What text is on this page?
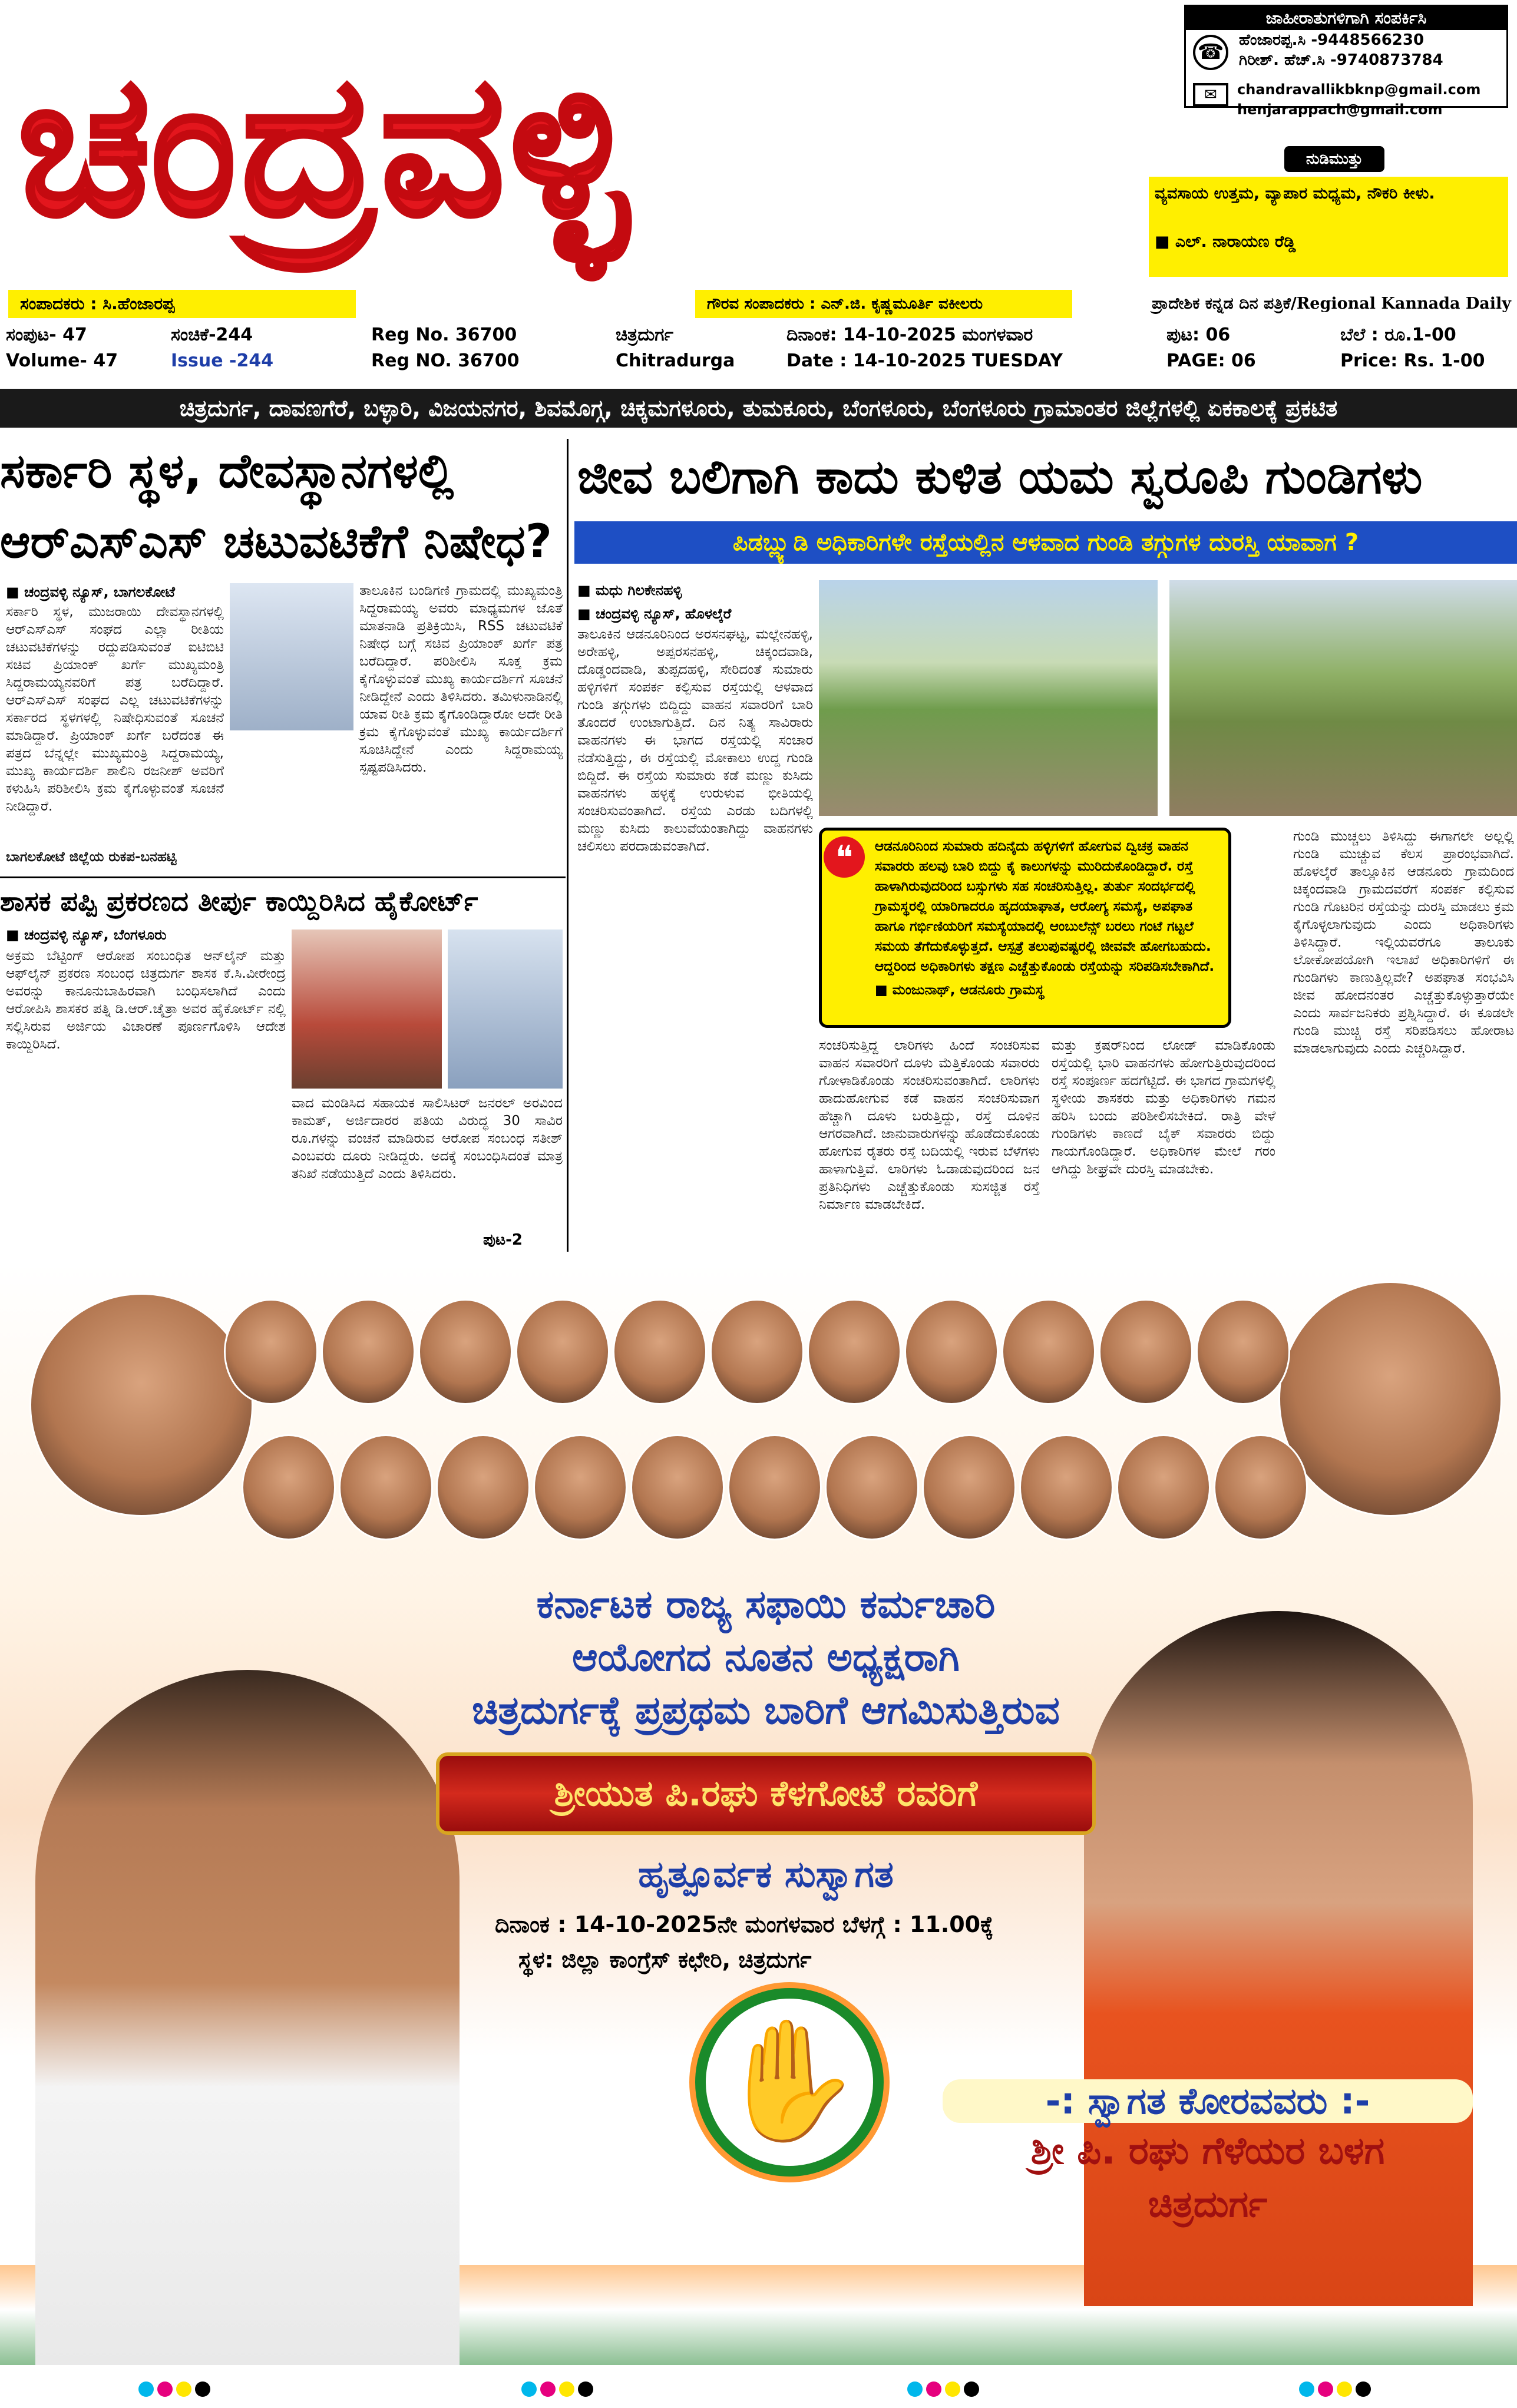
ಚಂದ್ರವಳ್ಳಿ
ಜಾಹೀರಾತುಗಳಿಗಾಗಿ ಸಂಪರ್ಕಿಸಿ
☎ ಹೆಂಜಾರಪ್ಪ.ಸಿ -9448566230
ಗಿರೀಶ್. ಹೆಚ್.ಸಿ -9740873784
✉	chandravallikbknp@gmail.com
henjarappach@gmail.com
ನುಡಿಮುತ್ತು
ವ್ಯವಸಾಯ ಉತ್ತಮ, ವ್ಯಾಪಾರ ಮಧ್ಯಮ, ನೌಕರಿ ಕೀಳು.
■ ಎಲ್. ನಾರಾಯಣ ರೆಡ್ಡಿ
ಸಂಪಾದಕರು : ಸಿ.ಹೆಂಜಾರಪ್ಪ	ಗೌರವ ಸಂಪಾದಕರು : ಎನ್.ಜಿ. ಕೃಷ್ಣಮೂರ್ತಿ ವಕೀಲರು	ಪ್ರಾದೇಶಿಕ ಕನ್ನಡ ದಿನ ಪತ್ರಿಕೆ/Regional Kannada Daily
ಸಂಪುಟ- 47
Volume- 47
ಸಂಚಿಕೆ-244
Issue -244
Reg No. 36700
Reg NO. 36700
ಚಿತ್ರದುರ್ಗ
Chitradurga
ದಿನಾಂಕ: 14-10-2025 ಮಂಗಳವಾರ
Date : 14-10-2025 TUESDAY
ಪುಟ: 06
PAGE: 06
ಬೆಲೆ : ರೂ.1-00
Price: Rs. 1-00
ಚಿತ್ರದುರ್ಗ, ದಾವಣಗೆರೆ, ಬಳ್ಳಾರಿ, ವಿಜಯನಗರ, ಶಿವಮೊಗ್ಗ, ಚಿಕ್ಕಮಗಳೂರು, ತುಮಕೂರು, ಬೆಂಗಳೂರು, ಬೆಂಗಳೂರು ಗ್ರಾಮಾಂತರ ಜಿಲ್ಲೆಗಳಲ್ಲಿ ಏಕಕಾಲಕ್ಕೆ ಪ್ರಕಟಿತ
ಸರ್ಕಾರಿ ಸ್ಥಳ, ದೇವಸ್ಥಾನಗಳಲ್ಲಿ
ಆರ್‌ಎಸ್‌ಎಸ್ ಚಟುವಟಿಕೆಗೆ ನಿಷೇಧ?
■ ಚಂದ್ರವಳ್ಳಿ ನ್ಯೂಸ್, ಬಾಗಲಕೋಟೆ
ಸರ್ಕಾರಿ ಸ್ಥಳ, ಮುಜರಾಯಿ ದೇವಸ್ಥಾನಗಳಲ್ಲಿ ಆರ್‌ಎಸ್‌ಎಸ್ ಸಂಘದ ಎಲ್ಲಾ ರೀತಿಯ ಚಟುವಟಿಕೆಗಳನ್ನು ರದ್ದುಪಡಿಸುವಂತೆ ಐಟಿಬಿಟಿ ಸಚಿವ ಪ್ರಿಯಾಂಕ್ ಖರ್ಗೆ ಮುಖ್ಯಮಂತ್ರಿ ಸಿದ್ದರಾಮಯ್ಯನವರಿಗೆ ಪತ್ರ ಬರೆದಿದ್ದಾರೆ. ಆರ್‌ಎಸ್‌ಎಸ್ ಸಂಘದ ಎಲ್ಲ ಚಟುವಟಿಕೆಗಳನ್ನು ಸರ್ಕಾರದ ಸ್ಥಳಗಳಲ್ಲಿ ನಿಷೇಧಿಸುವಂತೆ ಸೂಚನೆ ಮಾಡಿದ್ದಾರೆ. ಪ್ರಿಯಾಂಕ್ ಖರ್ಗೆ ಬರೆದಂತ ಈ ಪತ್ರದ ಬೆನ್ನಲ್ಲೇ ಮುಖ್ಯಮಂತ್ರಿ ಸಿದ್ದರಾಮಯ್ಯ, ಮುಖ್ಯ ಕಾರ್ಯದರ್ಶಿ ಶಾಲಿನಿ ರಜನೀಶ್ ಅವರಿಗೆ ಕಳುಹಿಸಿ ಪರಿಶೀಲಿಸಿ ಕ್ರಮ ಕೈಗೊಳ್ಳುವಂತೆ ಸೂಚನೆ ನೀಡಿದ್ದಾರೆ.
ತಾಲೂಕಿನ ಬಂಡಿಗಣಿ ಗ್ರಾಮದಲ್ಲಿ ಮುಖ್ಯಮಂತ್ರಿ ಸಿದ್ದರಾಮಯ್ಯ ಅವರು ಮಾಧ್ಯಮಗಳ ಜೊತೆ ಮಾತನಾಡಿ ಪ್ರತಿಕ್ರಿಯಿಸಿ, RSS ಚಟುವಟಿಕೆ ನಿಷೇಧ ಬಗ್ಗೆ ಸಚಿವ ಪ್ರಿಯಾಂಕ್ ಖರ್ಗೆ ಪತ್ರ ಬರೆದಿದ್ದಾರೆ. ಪರಿಶೀಲಿಸಿ ಸೂಕ್ತ ಕ್ರಮ ಕೈಗೊಳ್ಳುವಂತೆ ಮುಖ್ಯ ಕಾರ್ಯದರ್ಶಿಗೆ ಸೂಚನೆ ನೀಡಿದ್ದೇನೆ ಎಂದು ತಿಳಿಸಿದರು. ತಮಿಳುನಾಡಿನಲ್ಲಿ ಯಾವ ರೀತಿ ಕ್ರಮ ಕೈಗೊಂಡಿದ್ದಾರೋ ಅದೇ ರೀತಿ ಕ್ರಮ ಕೈಗೊಳ್ಳುವಂತೆ ಮುಖ್ಯ ಕಾರ್ಯದರ್ಶಿಗೆ ಸೂಚಿಸಿದ್ದೇನೆ ಎಂದು ಸಿದ್ದರಾಮಯ್ಯ ಸ್ಪಷ್ಟಪಡಿಸಿದರು.
ಬಾಗಲಕೋಟೆ ಜಿಲ್ಲೆಯ ರುಕಪ-ಬನಹಟ್ಟಿ
ಶಾಸಕ ಪಪ್ಪಿ ಪ್ರಕರಣದ ತೀರ್ಪು ಕಾಯ್ದಿರಿಸಿದ ಹೈಕೋರ್ಟ್
■ ಚಂದ್ರವಳ್ಳಿ ನ್ಯೂಸ್, ಬೆಂಗಳೂರು
ಅಕ್ರಮ ಬೆಟ್ಟಿಂಗ್ ಆರೋಪ ಸಂಬಂಧಿತ ಆನ್‌ಲೈನ್ ಮತ್ತು ಆಫ್‌ಲೈನ್ ಪ್ರಕರಣ ಸಂಬಂಧ ಚಿತ್ರದುರ್ಗ ಶಾಸಕ ಕೆ.ಸಿ.ವೀರೇಂದ್ರ ಅವರನ್ನು ಕಾನೂನುಬಾಹಿರವಾಗಿ ಬಂಧಿಸಲಾಗಿದೆ ಎಂದು ಆರೋಪಿಸಿ ಶಾಸಕರ ಪತ್ನಿ ಡಿ.ಆರ್.ಚೈತ್ರಾ ಅವರ ಹೈಕೋರ್ಟ್ ನಲ್ಲಿ ಸಲ್ಲಿಸಿರುವ ಅರ್ಜಿಯ ವಿಚಾರಣೆ ಪೂರ್ಣಗೊಳಿಸಿ ಆದೇಶ ಕಾಯ್ದಿರಿಸಿದೆ.
ವಾದ ಮಂಡಿಸಿದ ಸಹಾಯಕ ಸಾಲಿಸಿಟರ್ ಜನರಲ್ ಅರವಿಂದ ಕಾಮತ್, ಅರ್ಜಿದಾರರ ಪತಿಯ ವಿರುದ್ಧ 30 ಸಾವಿರ ರೂ.ಗಳನ್ನು ವಂಚನೆ ಮಾಡಿರುವ ಆರೋಪ ಸಂಬಂಧ ಸತೀಶ್ ಎಂಬವರು ದೂರು ನೀಡಿದ್ದರು. ಅದಕ್ಕೆ ಸಂಬಂಧಿಸಿದಂತೆ ಮಾತ್ರ ತನಿಖೆ ನಡೆಯುತ್ತಿದೆ ಎಂದು ತಿಳಿಸಿದರು.
ಪುಟ-2
ಜೀವ ಬಲಿಗಾಗಿ ಕಾದು ಕುಳಿತ ಯಮ ಸ್ವರೂಪಿ ಗುಂಡಿಗಳು
ಪಿಡಬ್ಲ್ಯುಡಿ ಅಧಿಕಾರಿಗಳೇ ರಸ್ತೆಯಲ್ಲಿನ ಆಳವಾದ ಗುಂಡಿ ತಗ್ಗುಗಳ ದುರಸ್ತಿ ಯಾವಾಗ ?
■ ಮಧು ಗಿಲಕೇನಹಳ್ಳಿ
■ ಚಂದ್ರವಳ್ಳಿ ನ್ಯೂಸ್, ಹೊಳಲ್ಕೆರೆ
ತಾಲೂಕಿನ ಆಡನೂರಿನಿಂದ ಅರಸನಘಟ್ಟ, ಮಲ್ಲೇನಹಳ್ಳಿ, ಅರೇಹಳ್ಳಿ, ಅಪ್ಪರಸನಹಳ್ಳಿ, ಚಿಕ್ಕಂದವಾಡಿ, ದೊಡ್ಡಂದವಾಡಿ, ತುಪ್ಪದಹಳ್ಳಿ, ಸೇರಿದಂತೆ ಸುಮಾರು ಹಳ್ಳಿಗಳಿಗೆ ಸಂಪರ್ಕ ಕಲ್ಪಿಸುವ ರಸ್ತೆಯಲ್ಲಿ ಆಳವಾದ ಗುಂಡಿ ತಗ್ಗುಗಳು ಬಿದ್ದಿದ್ದು ವಾಹನ ಸವಾರರಿಗೆ ಬಾರಿ ತೊಂದರೆ ಉಂಟಾಗುತ್ತಿದೆ. ದಿನ ನಿತ್ಯ ಸಾವಿರಾರು ವಾಹನಗಳು ಈ ಭಾಗದ ರಸ್ತೆಯಲ್ಲಿ ಸಂಚಾರ ನಡೆಸುತ್ತಿದ್ದು, ಈ ರಸ್ತೆಯಲ್ಲಿ ಮೋಕಾಲು ಉದ್ದ ಗುಂಡಿ ಬಿದ್ದಿದೆ. ಈ ರಸ್ತೆಯ ಸುಮಾರು ಕಡೆ ಮಣ್ಣು ಕುಸಿದು ವಾಹನಗಳು ಹಳ್ಳಕ್ಕೆ ಉರುಳುವ ಭೀತಿಯಲ್ಲಿ ಸಂಚರಿಸುವಂತಾಗಿದೆ. ರಸ್ತೆಯ ಎರಡು ಬದಿಗಳಲ್ಲಿ ಮಣ್ಣು ಕುಸಿದು ಕಾಲುವೆಯಂತಾಗಿದ್ದು ವಾಹನಗಳು ಚಲಿಸಲು ಪರದಾಡುವಂತಾಗಿದೆ.	ಆಡನೂರಿನಿಂದ ಸುಮಾರು ಹದಿನೈದು ಹಳ್ಳಿಗಳಿಗೆ ಹೋಗುವ ದ್ವಿಚಕ್ರ ವಾಹನ ಸವಾರರು ಹಲವು ಬಾರಿ ಬಿದ್ದು ಕೈ ಕಾಲುಗಳನ್ನು ಮುರಿದುಕೊಂಡಿದ್ದಾರೆ. ರಸ್ತೆ ಹಾಳಾಗಿರುವುದರಿಂದ ಬಸ್ಸುಗಳು ಸಹ ಸಂಚರಿಸುತ್ತಿಲ್ಲ. ತುರ್ತು ಸಂದರ್ಭದಲ್ಲಿ ಗ್ರಾಮಸ್ಥರಲ್ಲಿ ಯಾರಿಗಾದರೂ ಹೃದಯಾಘಾತ, ಆರೋಗ್ಯ ಸಮಸ್ಯೆ, ಅಪಘಾತ ಹಾಗೂ ಗರ್ಭಿಣಿಯರಿಗೆ ಸಮಸ್ಯೆಯಾದಲ್ಲಿ ಆಂಬುಲೆನ್ಸ್ ಬರಲು ಗಂಟೆ ಗಟ್ಟಲೆ ಸಮಯ ತೆಗೆದುಕೊಳ್ಳುತ್ತದೆ. ಆಸ್ಪತ್ರೆ ತಲುಪುವಷ್ಟರಲ್ಲಿ ಜೀವವೇ ಹೋಗಬಹುದು. ಆದ್ದರಿಂದ ಅಧಿಕಾರಿಗಳು ತಕ್ಷಣ ಎಚ್ಚೆತ್ತುಕೊಂಡು ರಸ್ತೆಯನ್ನು ಸರಿಪಡಿಸಬೇಕಾಗಿದೆ.
■ ಮಂಜುನಾಥ್, ಆಡನೂರು ಗ್ರಾಮಸ್ಥ
❝
ಸಂಚರಿಸುತ್ತಿದ್ದ ಲಾರಿಗಳು ಹಿಂದೆ ಸಂಚರಿಸುವ ವಾಹನ ಸವಾರರಿಗೆ ದೂಳು ಮೆತ್ತಿಕೊಂಡು ಸವಾರರು ಗೋಳಾಡಿಕೊಂಡು ಸಂಚರಿಸುವಂತಾಗಿದೆ. ಲಾರಿಗಳು ಹಾದುಹೋಗುವ ಕಡೆ ವಾಹನ ಸಂಚರಿಸುವಾಗ ಹೆಚ್ಚಾಗಿ ದೂಳು ಬರುತ್ತಿದ್ದು, ರಸ್ತೆ ದೂಳಿನ ಆಗರವಾಗಿದೆ. ಜಾನುವಾರುಗಳನ್ನು ಹೊಡೆದುಕೊಂಡು ಹೋಗುವ ರೈತರು ರಸ್ತೆ ಬದಿಯಲ್ಲಿ ಇರುವ ಬೆಳೆಗಳು ಹಾಳಾಗುತ್ತಿವೆ. ಲಾರಿಗಳು ಓಡಾಡುವುದರಿಂದ ಜನ ಪ್ರತಿನಿಧಿಗಳು ಎಚ್ಚೆತ್ತುಕೊಂಡು ಸುಸಜ್ಜಿತ ರಸ್ತೆ ನಿರ್ಮಾಣ ಮಾಡಬೇಕಿದೆ.
ಮತ್ತು ಕ್ರಷರ್‌ನಿಂದ ಲೋಡ್ ಮಾಡಿಕೊಂಡು ರಸ್ತೆಯಲ್ಲಿ ಭಾರಿ ವಾಹನಗಳು ಹೋಗುತ್ತಿರುವುದರಿಂದ ರಸ್ತೆ ಸಂಪೂರ್ಣ ಹದಗೆಟ್ಟಿದೆ. ಈ ಭಾಗದ ಗ್ರಾಮಗಳಲ್ಲಿ ಸ್ಥಳೀಯ ಶಾಸಕರು ಮತ್ತು ಅಧಿಕಾರಿಗಳು ಗಮನ ಹರಿಸಿ ಬಂದು ಪರಿಶೀಲಿಸಬೇಕಿದೆ. ರಾತ್ರಿ ವೇಳೆ ಗುಂಡಿಗಳು ಕಾಣದೆ ಬೈಕ್ ಸವಾರರು ಬಿದ್ದು ಗಾಯಗೊಂಡಿದ್ದಾರೆ. ಅಧಿಕಾರಿಗಳ ಮೇಲೆ ಗರಂ ಆಗಿದ್ದು ಶೀಘ್ರವೇ ದುರಸ್ತಿ ಮಾಡಬೇಕು.
ಗುಂಡಿ ಮುಚ್ಚಲು ತಿಳಿಸಿದ್ದು ಈಗಾಗಲೇ ಅಲ್ಲಲ್ಲಿ ಗುಂಡಿ ಮುಚ್ಚುವ ಕೆಲಸ ಪ್ರಾರಂಭವಾಗಿದೆ. ಹೊಳಲ್ಕೆರೆ ತಾಲ್ಲೂಕಿನ ಆಡನೂರು ಗ್ರಾಮದಿಂದ ಚಿಕ್ಕಂದವಾಡಿ ಗ್ರಾಮದವರೆಗೆ ಸಂಪರ್ಕ ಕಲ್ಪಿಸುವ ಗುಂಡಿ ಗೊಟರಿನ ರಸ್ತೆಯನ್ನು ದುರಸ್ತಿ ಮಾಡಲು ಕ್ರಮ ಕೈಗೊಳ್ಳಲಾಗುವುದು ಎಂದು ಅಧಿಕಾರಿಗಳು ತಿಳಿಸಿದ್ದಾರೆ. ಇಲ್ಲಿಯವರೆಗೂ ತಾಲೂಕು ಲೋಕೋಪಯೋಗಿ ಇಲಾಖೆ ಅಧಿಕಾರಿಗಳಿಗೆ ಈ ಗುಂಡಿಗಳು ಕಾಣುತ್ತಿಲ್ಲವೇ? ಅಪಘಾತ ಸಂಭವಿಸಿ ಜೀವ ಹೋದನಂತರ ಎಚ್ಚೆತ್ತುಕೊಳ್ಳುತ್ತಾರೆಯೇ ಎಂದು ಸಾರ್ವಜನಿಕರು ಪ್ರಶ್ನಿಸಿದ್ದಾರೆ. ಈ ಕೂಡಲೇ ಗುಂಡಿ ಮುಚ್ಚಿ ರಸ್ತೆ ಸರಿಪಡಿಸಲು ಹೋರಾಟ ಮಾಡಲಾಗುವುದು ಎಂದು ಎಚ್ಚರಿಸಿದ್ದಾರೆ.
ಕರ್ನಾಟಕ ರಾಜ್ಯ ಸಫಾಯಿ ಕರ್ಮಚಾರಿ
ಆಯೋಗದ ನೂತನ ಅಧ್ಯಕ್ಷರಾಗಿ
ಚಿತ್ರದುರ್ಗಕ್ಕೆ ಪ್ರಪ್ರಥಮ ಬಾರಿಗೆ ಆಗಮಿಸುತ್ತಿರುವ
ಶ್ರೀಯುತ ಪಿ.ರಘು ಕೆಳಗೋಟೆ ರವರಿಗೆ
ಹೃತ್ಪೂರ್ವಕ ಸುಸ್ವಾಗತ
ದಿನಾಂಕ : 14-10-2025ನೇ ಮಂಗಳವಾರ ಬೆಳಗ್ಗೆ : 11.00ಕ್ಕೆ
ಸ್ಥಳ: ಜಿಲ್ಲಾ ಕಾಂಗ್ರೆಸ್ ಕಛೇರಿ, ಚಿತ್ರದುರ್ಗ
✋	-: ಸ್ವಾಗತ ಕೋರವವರು :-
ಶ್ರೀ ಪಿ. ರಘು ಗೆಳೆಯರ ಬಳಗ
ಚಿತ್ರದುರ್ಗ
